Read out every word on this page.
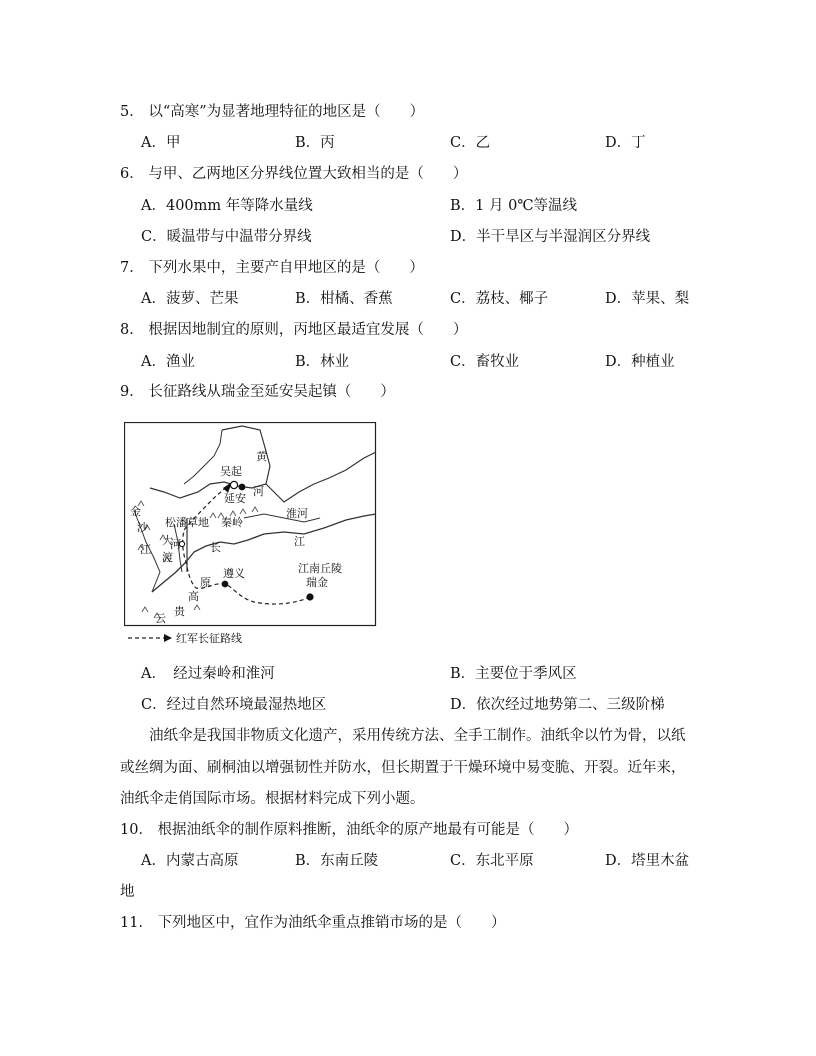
5． 以“高寒”为显著地理特征的地区是（　　）
A．甲	B．丙	C．乙	D．丁
6． 与甲、乙两地区分界线位置大致相当的是（　　）
A．400mm 年等降水量线	B．1 月 0℃等温线
C．暖温带与中温带分界线	D．半干旱区与半湿润区分界线
7． 下列水果中，主要产自甲地区的是（　　）
A．菠萝、芒果	B．柑橘、香蕉	C．荔枝、椰子	D．苹果、梨
8． 根据因地制宜的原则，丙地区最适宜发展（　　）
A．渔业	B．林业	C．畜牧业	D．种植业
9． 长征路线从瑞金至延安吴起镇（　　）
吴起
延安
黄
河
金
沙
江
松潘草地 秦岭
淮河
大
渡
河	长	江
遵义
原
高
贵
云
江南丘陵
瑞金
红军长征路线
A．　经过秦岭和淮河	B．主要位于季风区
C．经过自然环境最湿热地区	D．依次经过地势第二、三级阶梯
油纸伞是我国非物质文化遗产，采用传统方法、全手工制作。油纸伞以竹为骨，以纸
或丝绸为面、刷桐油以增强韧性并防水，但长期置于干燥环境中易变脆、开裂。近年来，
油纸伞走俏国际市场。根据材料完成下列小题。
10． 根据油纸伞的制作原料推断，油纸伞的原产地最有可能是（　　）
A．内蒙古高原	B．东南丘陵	C．东北平原	D．塔里木盆
地
11． 下列地区中，宜作为油纸伞重点推销市场的是（　　）
